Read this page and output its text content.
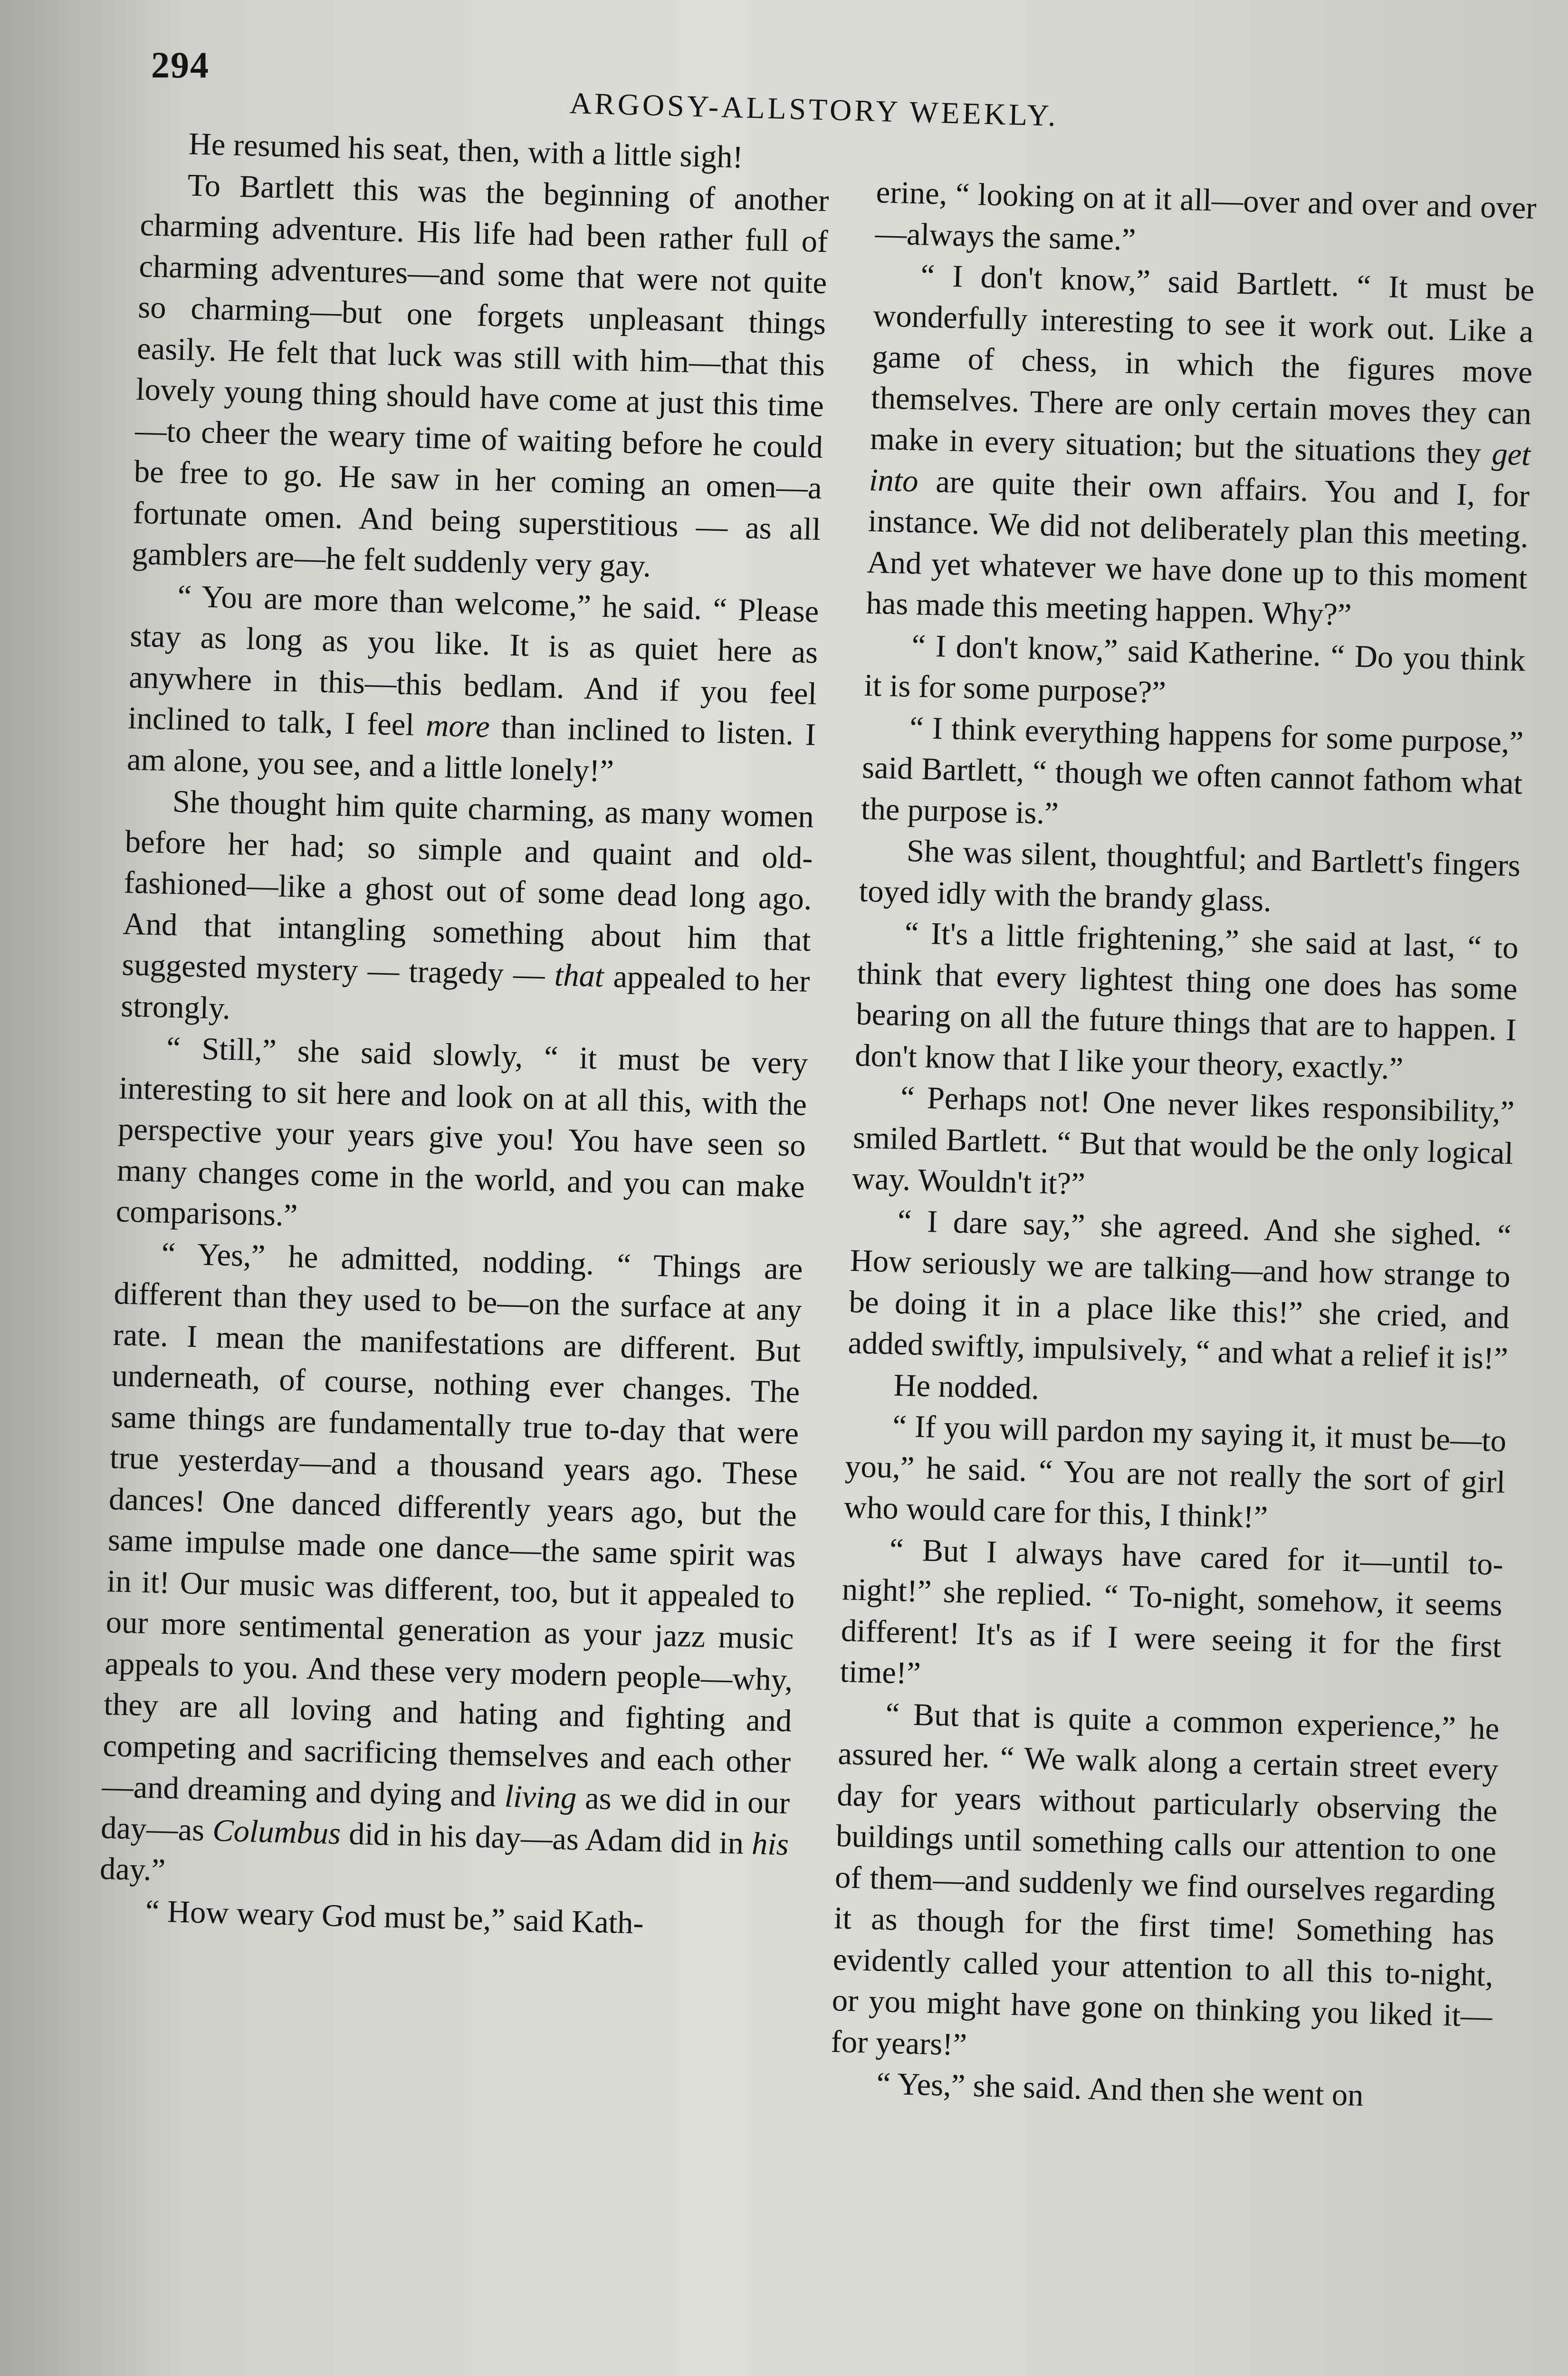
294
ARGOSY-ALLSTORY WEEKLY.

He resumed his seat, then, with a little sigh!

To Bartlett this was the beginning of another charming adventure. His life had been rather full of charming adventures—and some that were not quite so charming—but one forgets unpleasant things easily. He felt that luck was still with him—that this lovely young thing should have come at just this time—to cheer the weary time of waiting before he could be free to go. He saw in her coming an omen—a fortunate omen. And being superstitious — as all gamblers are—he felt suddenly very gay.

“ You are more than welcome,” he said. “ Please stay as long as you like. It is as quiet here as anywhere in this—this bedlam. And if you feel inclined to talk, I feel more than inclined to listen. I am alone, you see, and a little lonely!”

She thought him quite charming, as many women before her had; so simple and quaint and old-fashioned—like a ghost out of some dead long ago. And that intangling something about him that suggested mystery — tragedy — that appealed to her strongly.

“ Still,” she said slowly, “ it must be very interesting to sit here and look on at all this, with the perspective your years give you! You have seen so many changes come in the world, and you can make comparisons.”

“ Yes,” he admitted, nodding. “ Things are different than they used to be—on the surface at any rate. I mean the manifestations are different. But underneath, of course, nothing ever changes. The same things are fundamentally true to-day that were true yesterday—and a thousand years ago. These dances! One danced differently years ago, but the same impulse made one dance—the same spirit was in it! Our music was different, too, but it appealed to our more sentimental generation as your jazz music appeals to you. And these very modern people—why, they are all loving and hating and fighting and competing and sacrificing themselves and each other—and dreaming and dying and living as we did in our day—as Columbus did in his day—as Adam did in his day.”

“ How weary God must be,” said Kath-

erine, “ looking on at it all—over and over and over—always the same.”

“ I don't know,” said Bartlett. “ It must be wonderfully interesting to see it work out. Like a game of chess, in which the figures move themselves. There are only certain moves they can make in every situation; but the situations they get into are quite their own affairs. You and I, for instance. We did not deliberately plan this meeting. And yet whatever we have done up to this moment has made this meeting happen. Why?”

“ I don't know,” said Katherine. “ Do you think it is for some purpose?”

“ I think everything happens for some purpose,” said Bartlett, “ though we often cannot fathom what the purpose is.”

She was silent, thoughtful; and Bartlett's fingers toyed idly with the brandy glass.

“ It's a little frightening,” she said at last, “ to think that every lightest thing one does has some bearing on all the future things that are to happen. I don't know that I like your theory, exactly.”

“ Perhaps not! One never likes responsibility,” smiled Bartlett. “ But that would be the only logical way. Wouldn't it?”

“ I dare say,” she agreed. And she sighed. “ How seriously we are talking—and how strange to be doing it in a place like this!” she cried, and added swiftly, impulsively, “ and what a relief it is!”

He nodded.

“ If you will pardon my saying it, it must be—to you,” he said. “ You are not really the sort of girl who would care for this, I think!”

“ But I always have cared for it—until to-night!” she replied. “ To-night, somehow, it seems different! It's as if I were seeing it for the first time!”

“ But that is quite a common experience,” he assured her. “ We walk along a certain street every day for years without particularly observing the buildings until something calls our attention to one of them—and suddenly we find ourselves regarding it as though for the first time! Something has evidently called your attention to all this to-night, or you might have gone on thinking you liked it—for years!”

“ Yes,” she said. And then she went on
